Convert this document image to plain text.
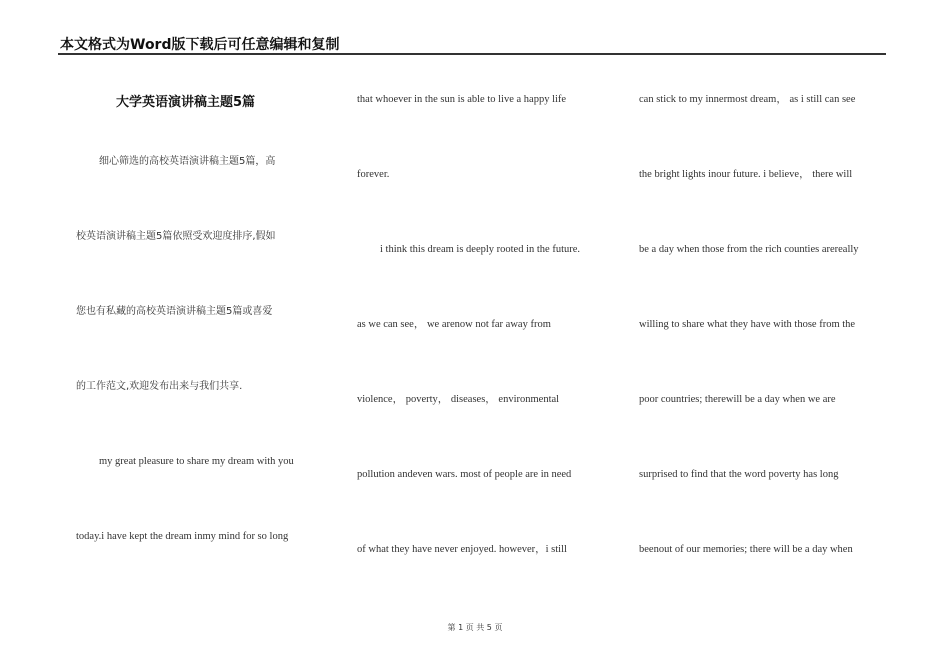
本文格式为Word版下载后可任意编辑和复制
大学英语演讲稿主题5篇
细心筛选的高校英语演讲稿主题5篇，高
校英语演讲稿主题5篇依照受欢迎度排序,假如
您也有私藏的高校英语演讲稿主题5篇或喜爱
的工作范文,欢迎发布出来与我们共享.
my great pleasure to share my dream with you
today.i have kept the dream inmy mind for so long
that whoever in the sun is able to live a happy life
forever.
i think this dream is deeply rooted in the future.
as we can see， we arenow not far away from
violence， poverty， diseases， environmental
pollution andeven wars. most of people are in need
of what they have never enjoyed. however，i still
can stick to my innermost dream， as i still can see
the bright lights inour future. i believe， there will
be a day when those from the rich counties arereally
willing to share what they have with those from the
poor countries; therewill be a day when we are
surprised to find that the word poverty has long
beenout of our memories; there will be a day when
第 1 页 共 5 页
